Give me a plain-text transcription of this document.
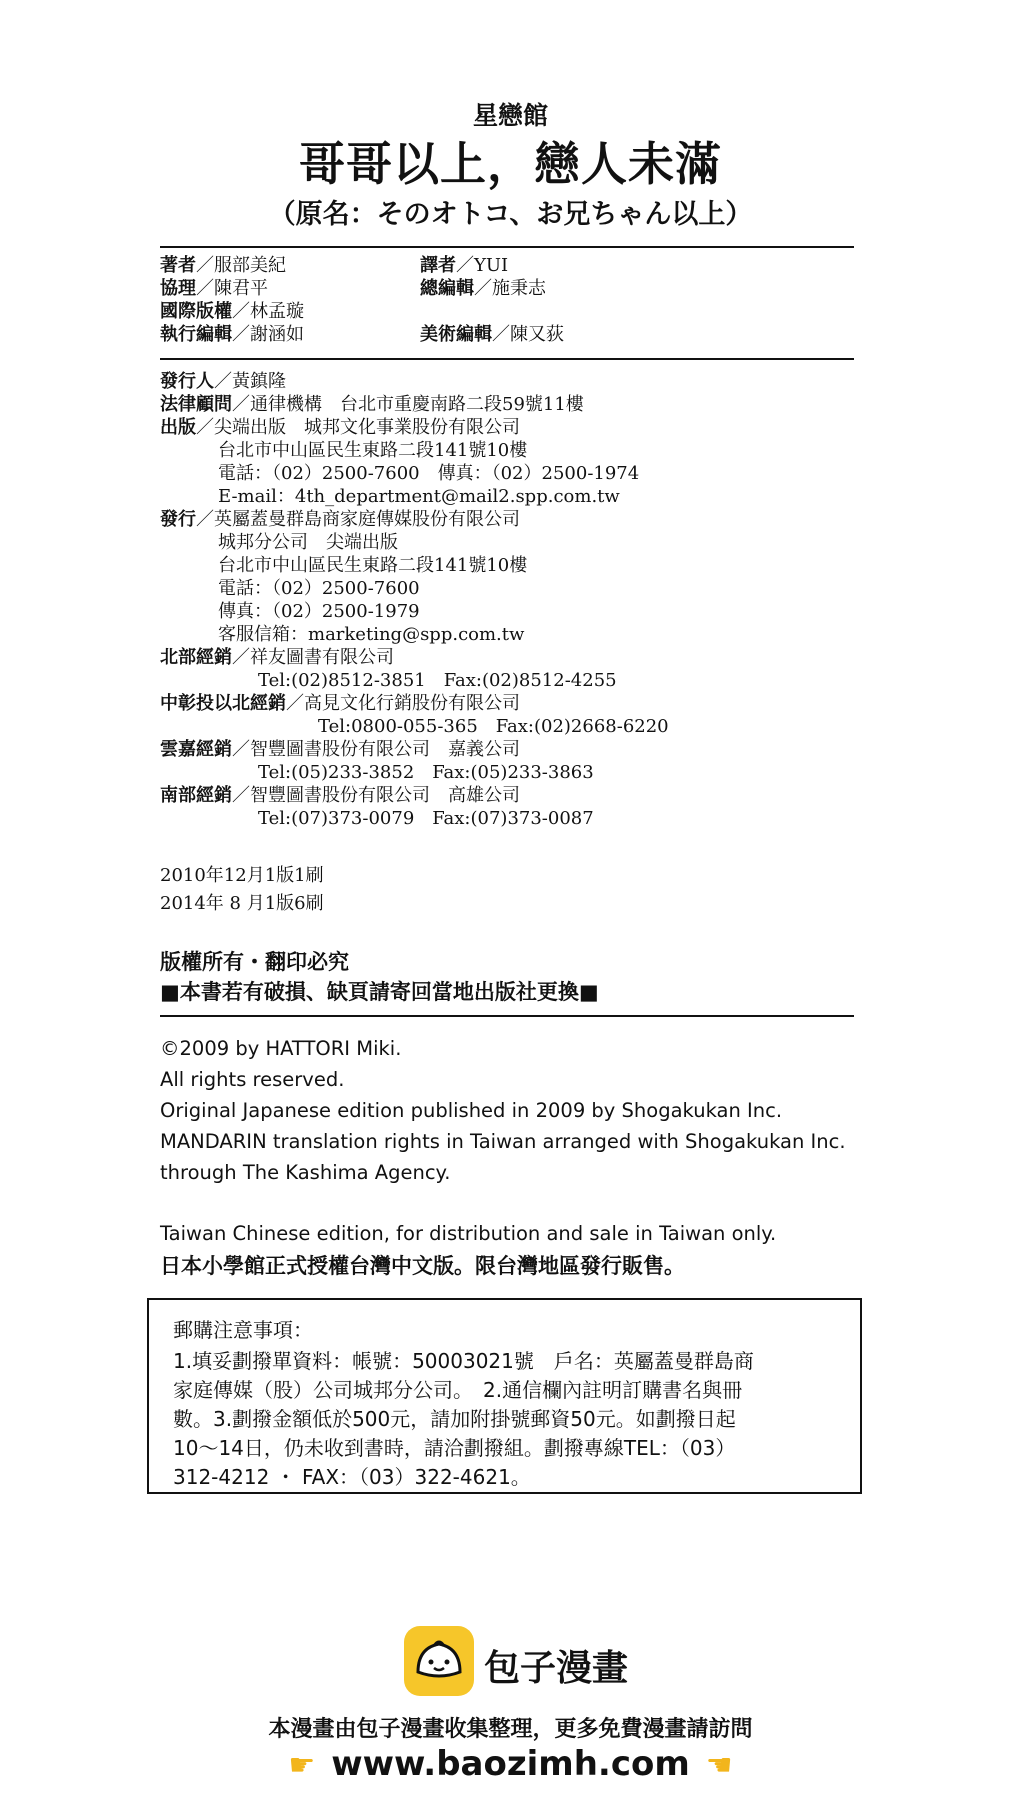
星戀館
哥哥以上，戀人未滿
（原名：そのオトコ、お兄ちゃん以上）
著者／服部美紀
協理／陳君平
國際版權／林孟璇
執行編輯／謝涵如
譯者／YUI
總編輯／施秉志
美術編輯／陳又荻
發行人／黃鎮隆
法律顧問／通律機構　台北市重慶南路二段59號11樓
出版／尖端出版　城邦文化事業股份有限公司
台北市中山區民生東路二段141號10樓
電話：（02）2500-7600　傳真：（02）2500-1974
E-mail：4th_department@mail2.spp.com.tw
發行／英屬蓋曼群島商家庭傳媒股份有限公司
城邦分公司　尖端出版
台北市中山區民生東路二段141號10樓
電話：（02）2500-7600
傳真：（02）2500-1979
客服信箱：marketing@spp.com.tw
北部經銷／祥友圖書有限公司
Tel:(02)8512-3851　Fax:(02)8512-4255
中彰投以北經銷／高見文化行銷股份有限公司
Tel:0800-055-365　Fax:(02)2668-6220
雲嘉經銷／智豐圖書股份有限公司　嘉義公司
Tel:(05)233-3852　Fax:(05)233-3863
南部經銷／智豐圖書股份有限公司　高雄公司
Tel:(07)373-0079　Fax:(07)373-0087
2010年12月1版1刷
2014年 8 月1版6刷
版權所有・翻印必究
■本書若有破損、缺頁請寄回當地出版社更換■
©2009 by HATTORI Miki.
All rights reserved.
Original Japanese edition published in 2009 by Shogakukan Inc.
MANDARIN translation rights in Taiwan arranged with Shogakukan Inc.
through The Kashima Agency.
Taiwan Chinese edition, for distribution and sale in Taiwan only.
日本小學館正式授權台灣中文版。限台灣地區發行販售。
郵購注意事項：
1.填妥劃撥單資料：帳號：50003021號　戶名：英屬蓋曼群島商
家庭傳媒（股）公司城邦分公司。　2.通信欄內註明訂購書名與冊
數。3.劃撥金額低於500元，請加附掛號郵資50元。如劃撥日起
10～14日，仍未收到書時，請洽劃撥組。劃撥專線TEL：（03）
312-4212 ・ FAX：（03）322-4621。
包子漫畫
本漫畫由包子漫畫收集整理，更多免費漫畫請訪問
☛ www.baozimh.com ☚
